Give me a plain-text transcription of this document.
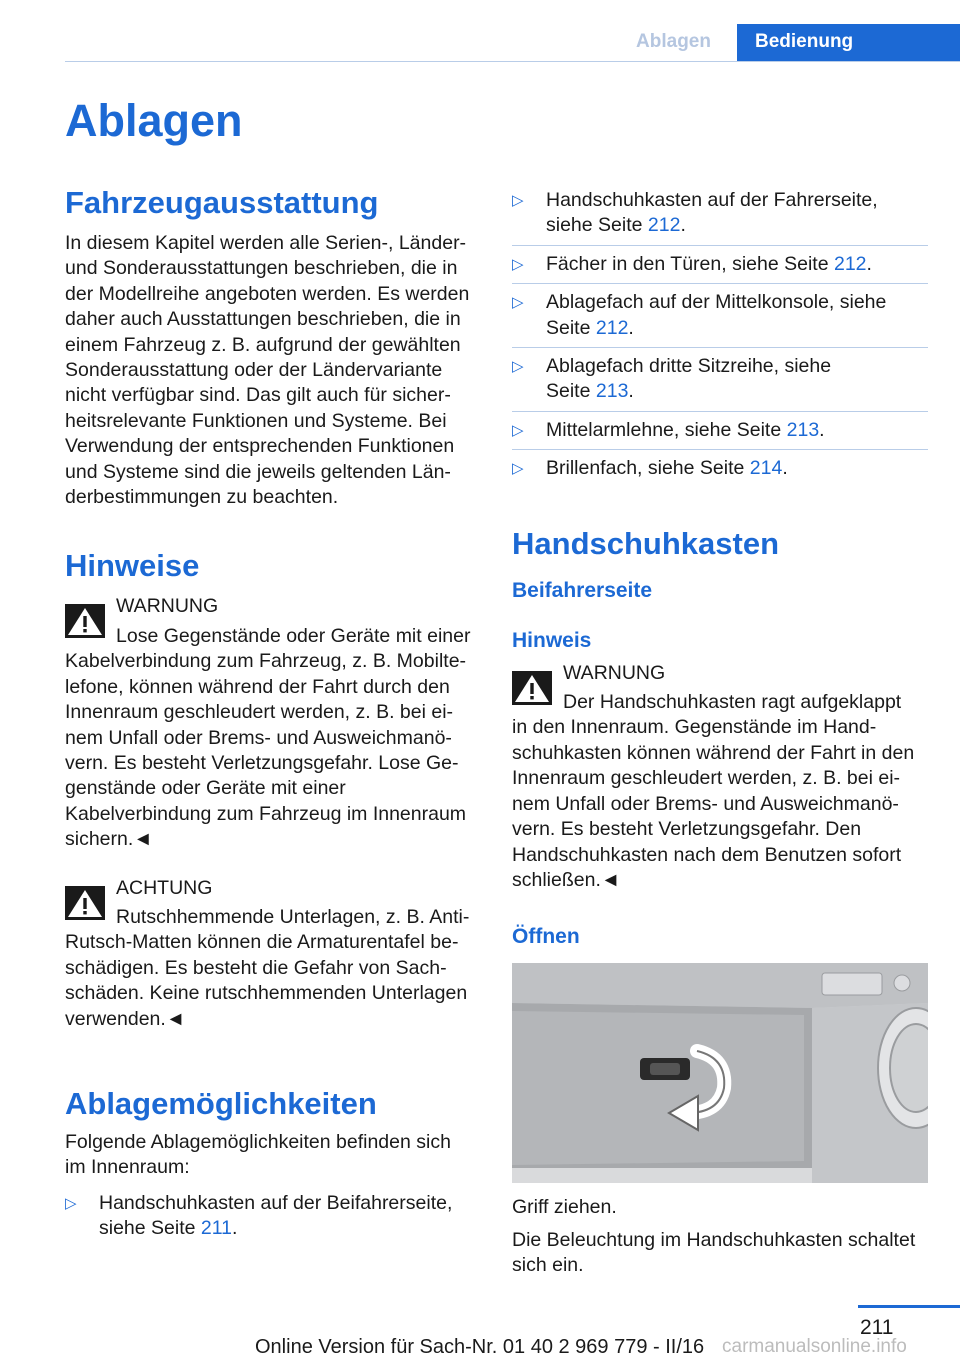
Ablagen	Bedienung
Ablagen
Fahrzeugausstattung

In diesem Kapitel werden alle Serien-, Länder-
und Sonderausstattungen beschrieben, die in
der Modellreihe angeboten werden. Es werden
daher auch Ausstattungen beschrieben, die in
einem Fahrzeug z. B. aufgrund der gewählten
Sonderausstattung oder der Ländervariante
nicht verfügbar sind. Das gilt auch für sicher-
heitsrelevante Funktionen und Systeme. Bei
Verwendung der entsprechenden Funktionen
und Systeme sind die jeweils geltenden Län-
derbestimmungen zu beachten.

Hinweise
WARNUNG

Lose Gegenstände oder Geräte mit einer
Kabelverbindung zum Fahrzeug, z. B. Mobilte-
lefone, können während der Fahrt durch den
Innenraum geschleudert werden, z. B. bei ei-
nem Unfall oder Brems- und Ausweichmanö-
vern. Es besteht Verletzungsgefahr. Lose Ge-
genstände oder Geräte mit einer
Kabelverbindung zum Fahrzeug im Innenraum
sichern.◄

ACHTUNG

Rutschhemmende Unterlagen, z. B. Anti-
Rutsch-Matten können die Armaturentafel be-
schädigen. Es besteht die Gefahr von Sach-
schäden. Keine rutschhemmenden Unterlagen
verwenden.◄

Ablagemöglichkeiten

Folgende Ablagemöglichkeiten befinden sich
im Innenraum:

▷ Handschuhkasten auf der Beifahrerseite,
siehe Seite 211.
▷ Handschuhkasten auf der Fahrerseite,
siehe Seite 212.
▷ Fächer in den Türen, siehe Seite 212.
▷ Ablagefach auf der Mittelkonsole, siehe
Seite 212.
▷ Ablagefach dritte Sitzreihe, siehe
Seite 213.
▷ Mittelarmlehne, siehe Seite 213.
▷ Brillenfach, siehe Seite 214.
Handschuhkasten
Beifahrerseite
Hinweis
WARNUNG

Der Handschuhkasten ragt aufgeklappt
in den Innenraum. Gegenstände im Hand-
schuhkasten können während der Fahrt in den
Innenraum geschleudert werden, z. B. bei ei-
nem Unfall oder Brems- und Ausweichmanö-
vern. Es besteht Verletzungsgefahr. Den
Handschuhkasten nach dem Benutzen sofort
schließen.◄

Öffnen

Griff ziehen.

Die Beleuchtung im Handschuhkasten schaltet
sich ein.

211
Online Version für Sach-Nr. 01 40 2 969 779 - II/16 carmanualsonline.info
